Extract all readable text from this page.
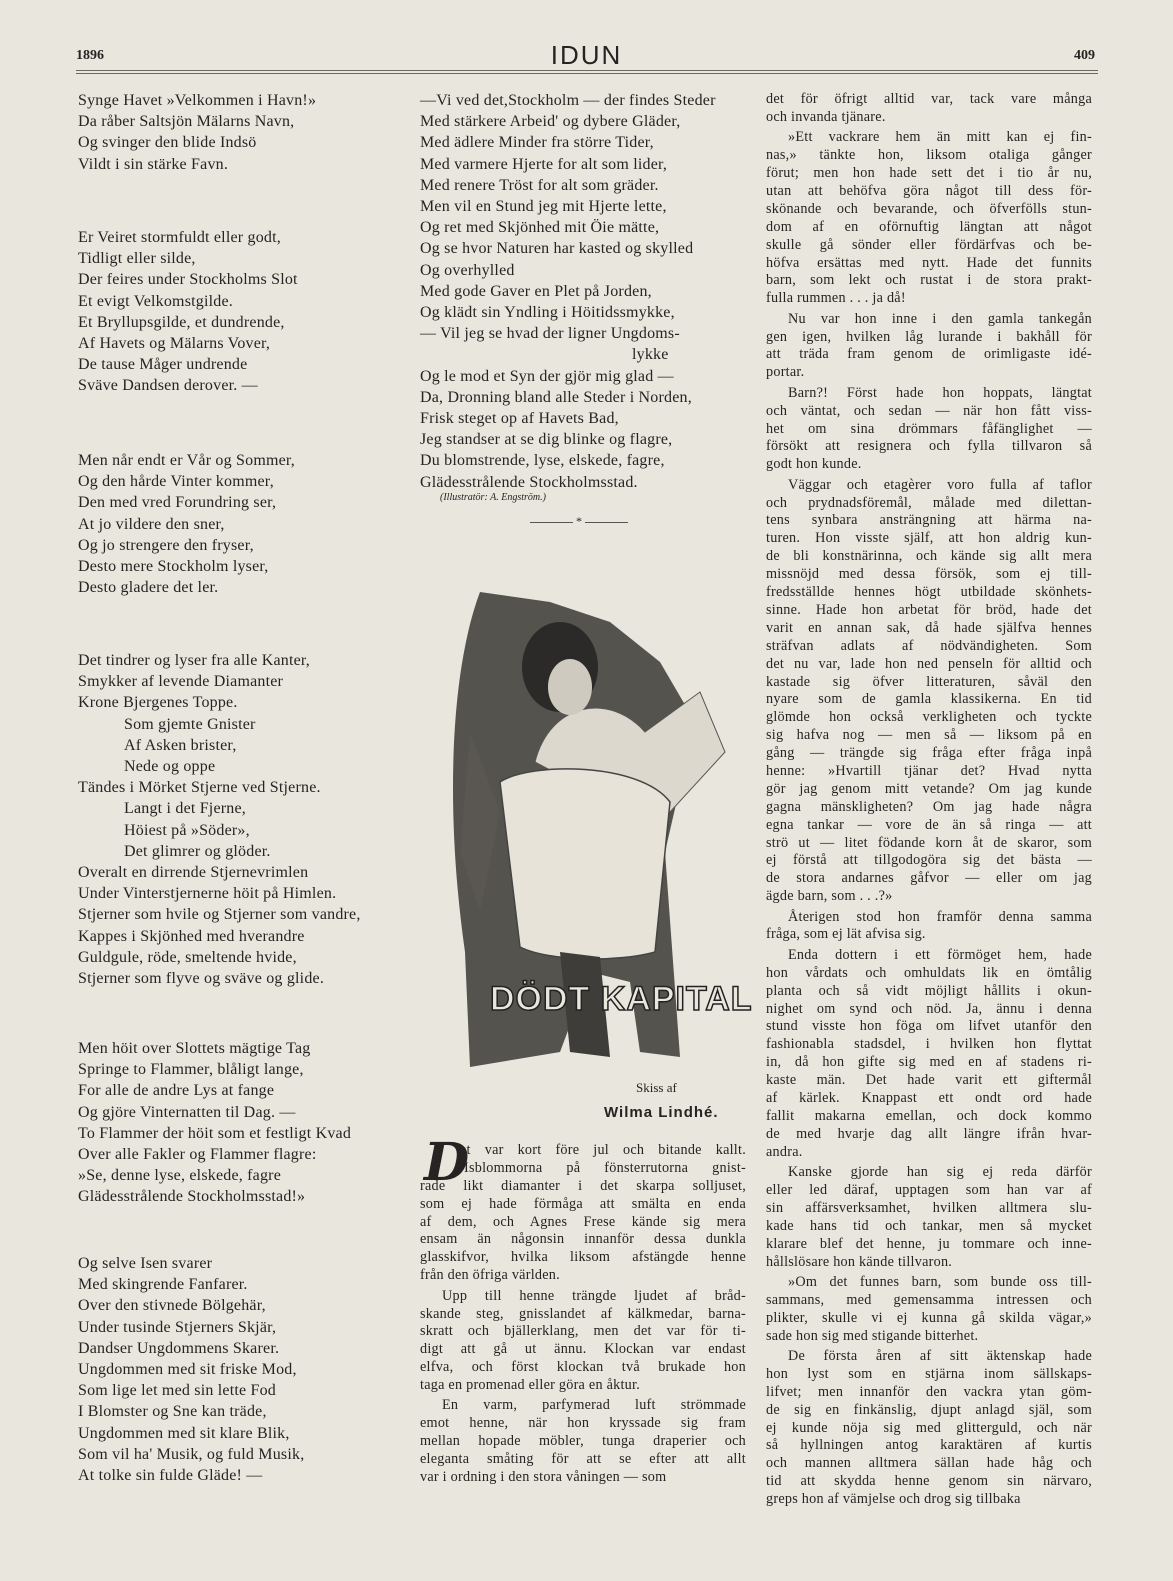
1896	IDUN	409
Synge Havet »Velkommen i Havn!»
Da råber Saltsjön Mälarns Navn,
Og svinger den blide Indsö
Vildt i sin stärke Favn.
Er Veiret stormfuldt eller godt,
Tidligt eller silde,
Der feires under Stockholms Slot
Et evigt Velkomstgilde.
Et Bryllupsgilde, et dundrende,
Af Havets og Mälarns Vover,
De tause Måger undrende
Sväve Dandsen derover. —
Men når endt er Vår og Sommer,
Og den hårde Vinter kommer,
Den med vred Forundring ser,
At jo vildere den sner,
Og jo strengere den fryser,
Desto mere Stockholm lyser,
Desto gladere det ler.
Det tindrer og lyser fra alle Kanter,
Smykker af levende Diamanter
Krone Bjergenes Toppe.
Som gjemte Gnister
Af Asken brister,
Nede og oppe
Tändes i Mörket Stjerne ved Stjerne.
Langt i det Fjerne,
Höiest på »Söder»,
Det glimrer og glöder.
Overalt en dirrende Stjernevrimlen
Under Vinterstjernerne höit på Himlen.
Stjerner som hvile og Stjerner som vandre,
Kappes i Skjönhed med hverandre
Guldgule, röde, smeltende hvide,
Stjerner som flyve og sväve og glide.
Men höit over Slottets mägtige Tag
Springe to Flammer, blåligt lange,
For alle de andre Lys at fange
Og gjöre Vinternatten til Dag. —
To Flammer der höit som et festligt Kvad
Over alle Fakler og Flammer flagre:
»Se, denne lyse, elskede, fagre
Glädesstrålende Stockholmsstad!»
Og selve Isen svarer
Med skingrende Fanfarer.
Over den stivnede Bölgehär,
Under tusinde Stjerners Skjär,
Dandser Ungdommens Skarer.
Ungdommen med sit friske Mod,
Som lige let med sin lette Fod
I Blomster og Sne kan träde,
Ungdommen med sit klare Blik,
Som vil ha' Musik, og fuld Musik,
At tolke sin fulde Gläde! —
—Vi ved det,Stockholm — der findes Steder
Med stärkere Arbeid' og dybere Gläder,
Med ädlere Minder fra större Tider,
Med varmere Hjerte for alt som lider,
Med renere Tröst for alt som gräder.
Men vil en Stund jeg mit Hjerte lette,
Og ret med Skjönhed mit Öie mätte,
Og se hvor Naturen har kasted og skylled
Og overhylled
Med gode Gaver en Plet på Jorden,
Og klädt sin Yndling i Höitidssmykke,
— Vil jeg se hvad der ligner Ungdoms-
lykke
Og le mod et Syn der gjör mig glad —
Da, Dronning bland alle Steder i Norden,
Frisk steget op af Havets Bad,
Jeg standser at se dig blinke og flagre,
Du blomstrende, lyse, elskede, fagre,
Glädesstrålende Stockholmsstad.
(Illustratör: A. Engström.)
*
DÖDT KAPITAL
Skiss af
Wilma Lindhé.
D
et var kort före jul och bitande kallt.
Isblommorna på fönsterrutorna gnist-
rade likt diamanter i det skarpa solljuset,
som ej hade förmåga att smälta en enda
af dem, och Agnes Frese kände sig mera
ensam än någonsin innanför dessa dunkla
glasskifvor, hvilka liksom afstängde henne
från den öfriga världen.
Upp till henne trängde ljudet af bråd-
skande steg, gnisslandet af kälkmedar, barna-
skratt och bjällerklang, men det var för ti-
digt att gå ut ännu. Klockan var endast
elfva, och först klockan två brukade hon
taga en promenad eller göra en åktur.
En varm, parfymerad luft strömmade
emot henne, när hon kryssade sig fram
mellan hopade möbler, tunga draperier och
eleganta småting för att se efter att allt
var i ordning i den stora våningen — som
det för öfrigt alltid var, tack vare många
och invanda tjänare.
»Ett vackrare hem än mitt kan ej fin-
nas,» tänkte hon, liksom otaliga gånger
förut; men hon hade sett det i tio år nu,
utan att behöfva göra något till dess för-
skönande och bevarande, och öfverfölls stun-
dom af en oförnuftig längtan att något
skulle gå sönder eller fördärfvas och be-
höfva ersättas med nytt. Hade det funnits
barn, som lekt och rustat i de stora prakt-
fulla rummen . . . ja då!
Nu var hon inne i den gamla tankegån
gen igen, hvilken låg lurande i bakhåll för
att träda fram genom de orimligaste idé-
portar.
Barn?! Först hade hon hoppats, längtat
och väntat, och sedan — när hon fått viss-
het om sina drömmars fåfänglighet —
försökt att resignera och fylla tillvaron så
godt hon kunde.
Väggar och etagèrer voro fulla af taflor
och prydnadsföremål, målade med dilettan-
tens synbara ansträngning att härma na-
turen. Hon visste själf, att hon aldrig kun-
de bli konstnärinna, och kände sig allt mera
missnöjd med dessa försök, som ej till-
fredsställde hennes högt utbildade skönhets-
sinne. Hade hon arbetat för bröd, hade det
varit en annan sak, då hade själfva hennes
sträfvan adlats af nödvändigheten. Som
det nu var, lade hon ned penseln för alltid och
kastade sig öfver litteraturen, såväl den
nyare som de gamla klassikerna. En tid
glömde hon också verkligheten och tyckte
sig hafva nog — men så — liksom på en
gång — trängde sig fråga efter fråga inpå
henne: »Hvartill tjänar det? Hvad nytta
gör jag genom mitt vetande? Om jag kunde
gagna mänskligheten? Om jag hade några
egna tankar — vore de än så ringa — att
strö ut — litet födande korn åt de skaror, som
ej förstå att tillgodogöra sig det bästa —
de stora andarnes gåfvor — eller om jag
ägde barn, som . . .?»
Återigen stod hon framför denna samma
fråga, som ej lät afvisa sig.
Enda dottern i ett förmöget hem, hade
hon vårdats och omhuldats lik en ömtålig
planta och så vidt möjligt hållits i okun-
nighet om synd och nöd. Ja, ännu i denna
stund visste hon föga om lifvet utanför den
fashionabla stadsdel, i hvilken hon flyttat
in, då hon gifte sig med en af stadens ri-
kaste män. Det hade varit ett giftermål
af kärlek. Knappast ett ondt ord hade
fallit makarna emellan, och dock kommo
de med hvarje dag allt längre ifrån hvar-
andra.
Kanske gjorde han sig ej reda därför
eller led däraf, upptagen som han var af
sin affärsverksamhet, hvilken alltmera slu-
kade hans tid och tankar, men så mycket
klarare blef det henne, ju tommare och inne-
hållslösare hon kände tillvaron.
»Om det funnes barn, som bunde oss till-
sammans, med gemensamma intressen och
plikter, skulle vi ej kunna gå skilda vägar,»
sade hon sig med stigande bitterhet.
De första åren af sitt äktenskap hade
hon lyst som en stjärna inom sällskaps-
lifvet; men innanför den vackra ytan göm-
de sig en finkänslig, djupt anlagd själ, som
ej kunde nöja sig med glitterguld, och när
så hyllningen antog karaktären af kurtis
och mannen alltmera sällan hade håg och
tid att skydda henne genom sin närvaro,
greps hon af vämjelse och drog sig tillbaka
